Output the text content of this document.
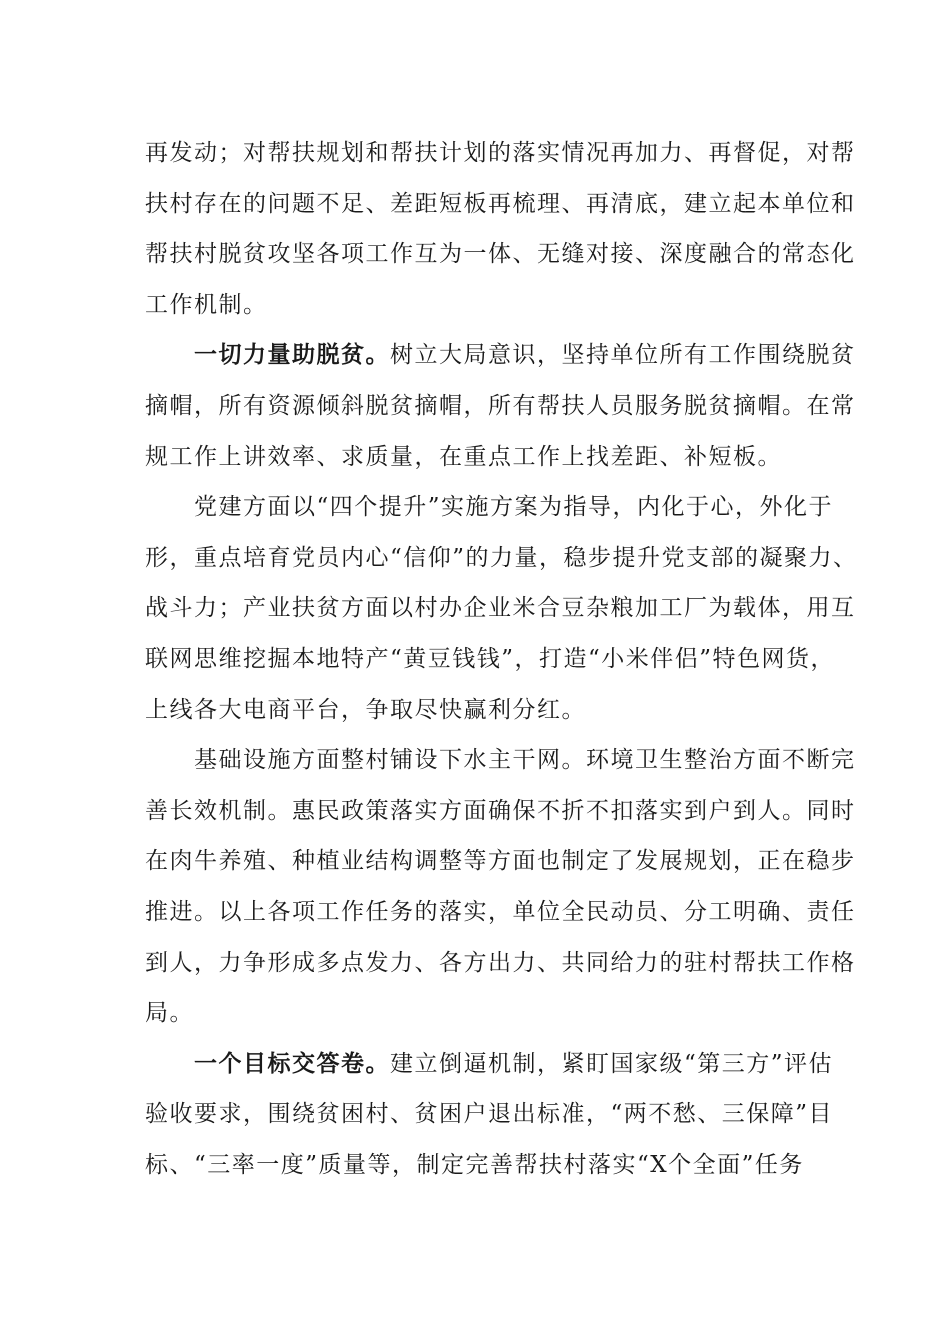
再发动；对帮扶规划和帮扶计划的落实情况再加力、再督促，对帮
扶村存在的问题不足、差距短板再梳理、再清底，建立起本单位和
帮扶村脱贫攻坚各项工作互为一体、无缝对接、深度融合的常态化
工作机制。
一切力量助脱贫。树立大局意识，坚持单位所有工作围绕脱贫
摘帽，所有资源倾斜脱贫摘帽，所有帮扶人员服务脱贫摘帽。在常
规工作上讲效率、求质量，在重点工作上找差距、补短板。
党建方面以“四个提升”实施方案为指导，内化于心，外化于
形，重点培育党员内心“信仰”的力量，稳步提升党支部的凝聚力、
战斗力；产业扶贫方面以村办企业米合豆杂粮加工厂为载体，用互
联网思维挖掘本地特产“黄豆钱钱”，打造“小米伴侣”特色网货，
上线各大电商平台，争取尽快赢利分红。
基础设施方面整村铺设下水主干网。环境卫生整治方面不断完
善长效机制。惠民政策落实方面确保不折不扣落实到户到人。同时
在肉牛养殖、种植业结构调整等方面也制定了发展规划，正在稳步
推进。以上各项工作任务的落实，单位全民动员、分工明确、责任
到人，力争形成多点发力、各方出力、共同给力的驻村帮扶工作格
局。
一个目标交答卷。建立倒逼机制，紧盯国家级“第三方”评估
验收要求，围绕贫困村、贫困户退出标准，“两不愁、三保障”目
标、“三率一度”质量等，制定完善帮扶村落实“X个全面”任务
